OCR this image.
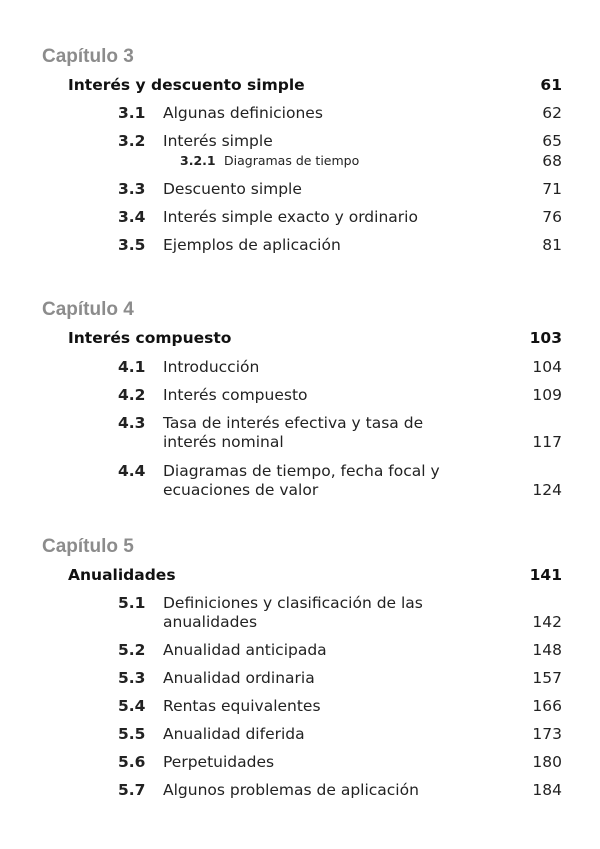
Capítulo 3
Interés y descuento simple	61
3.1 Algunas definiciones	62
3.2 Interés simple	65
3.2.1 Diagramas de tiempo	68
3.3 Descuento simple	71
3.4 Interés simple exacto y ordinario	76
3.5 Ejemplos de aplicación	81
Capítulo 4
Interés compuesto	103
4.1 Introducción	104
4.2 Interés compuesto	109
4.3 Tasa de interés efectiva y tasa de
interés nominal	117
4.4 Diagramas de tiempo, fecha focal y
ecuaciones de valor	124
Capítulo 5
Anualidades	141
5.1 Definiciones y clasificación de las
anualidades	142
5.2 Anualidad anticipada	148
5.3 Anualidad ordinaria	157
5.4 Rentas equivalentes	166
5.5 Anualidad diferida	173
5.6 Perpetuidades	180
5.7 Algunos problemas de aplicación	184
